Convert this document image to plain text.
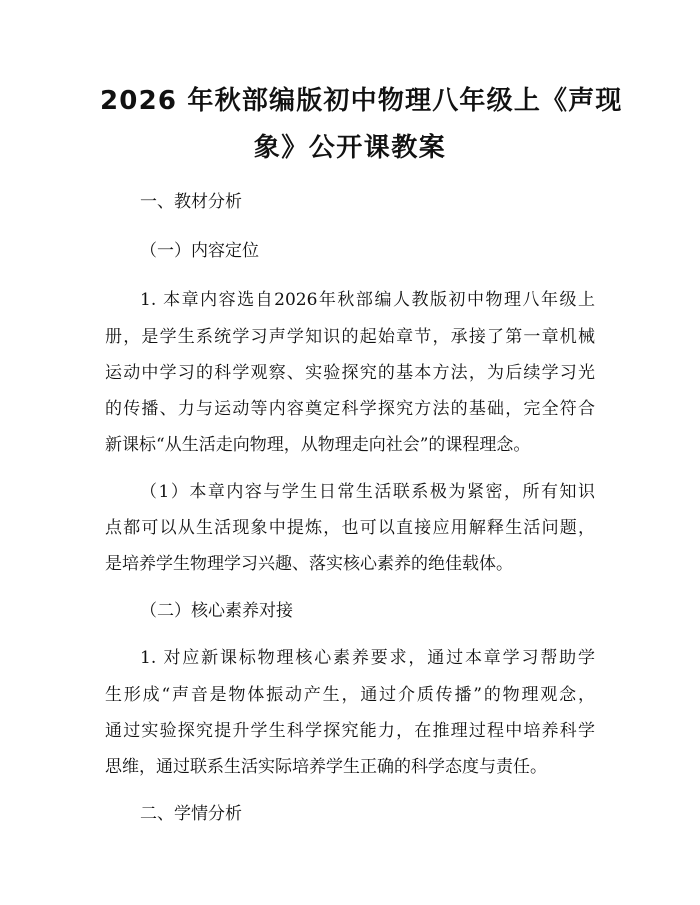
2026 年秋部编版初中物理八年级上《声现
象》公开课教案
一、教材分析
（一）内容定位
1. 本章内容选自2026年秋部编人教版初中物理八年级上
册，是学生系统学习声学知识的起始章节，承接了第一章机械
运动中学习的科学观察、实验探究的基本方法，为后续学习光
的传播、力与运动等内容奠定科学探究方法的基础，完全符合
新课标“从生活走向物理，从物理走向社会”的课程理念。
（1）本章内容与学生日常生活联系极为紧密，所有知识
点都可以从生活现象中提炼，也可以直接应用解释生活问题，
是培养学生物理学习兴趣、落实核心素养的绝佳载体。
（二）核心素养对接
1. 对应新课标物理核心素养要求，通过本章学习帮助学
生形成“声音是物体振动产生，通过介质传播”的物理观念，
通过实验探究提升学生科学探究能力，在推理过程中培养科学
思维，通过联系生活实际培养学生正确的科学态度与责任。
二、学情分析
